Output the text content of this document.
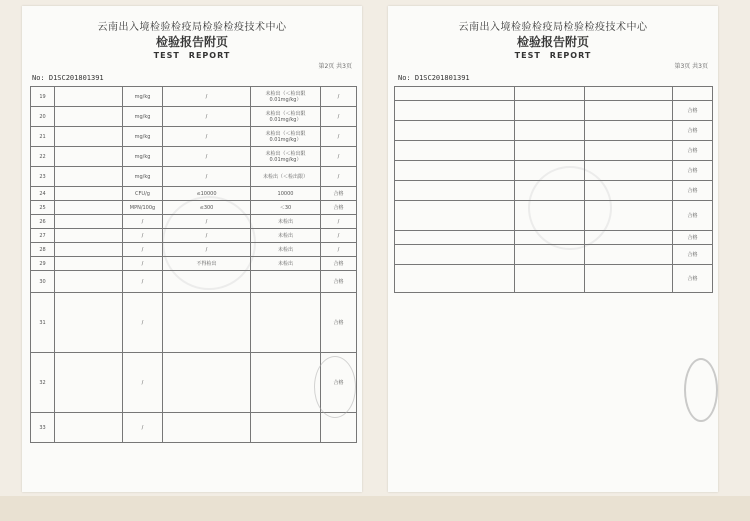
云南出入境检验检疫局检验检疫技术中心
检验报告附页
TEST　REPORT
第2页 共3页
No: D1SC201801391
19		mg/kg	/	未检出（＜检出限0.01mg/kg）	/
20		mg/kg	/	未检出（＜检出限0.01mg/kg）	/
21		mg/kg	/	未检出（＜检出限0.01mg/kg）	/
22		mg/kg	/	未检出（＜检出限0.01mg/kg）	/
23		mg/kg	/	未检出（＜检出限）	/
24		CFU/g	≤10000	10000	合格
25		MPN/100g	≤300	＜30	合格
26		/	/	未检出	/
27		/	/	未检出	/
28		/	/	未检出	/
29		/	不得检出	未检出	合格
30		/			合格
31		/			合格
32		/			合格
33		/			
云南出入境检验检疫局检验检疫技术中心
检验报告附页
TEST　REPORT
第3页 共3页
No: D1SC201801391

			合格
			合格
			合格
			合格
			合格
			合格
			合格
			合格
			合格
